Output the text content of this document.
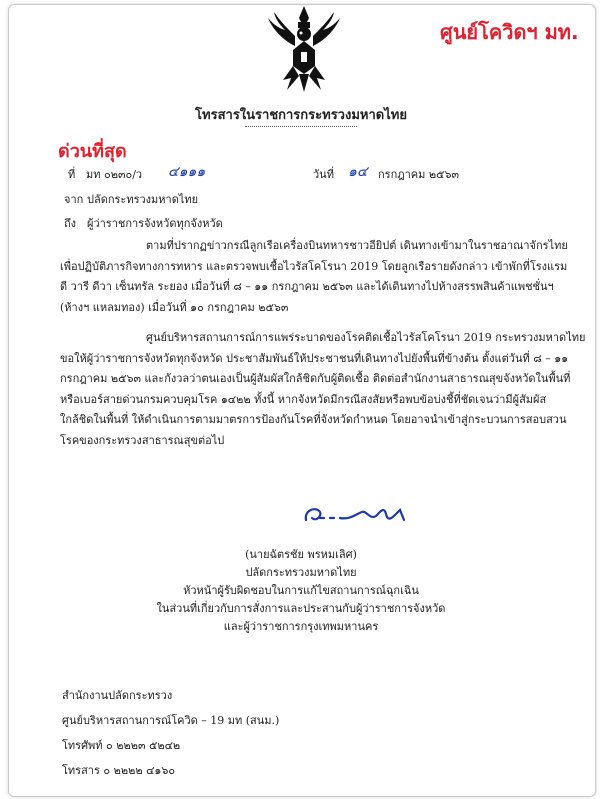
ศูนย์โควิดฯ มท.
โทรสารในราชการกระทรวงมหาดไทย
ด่วนที่สุด
ที่ มท ๐๒๓๐/ว ๔๑๑๑	วันที่ ๑๔ กรกฎาคม ๒๕๖๓
จาก ปลัดกระทรวงมหาดไทย
ถึง ผู้ว่าราชการจังหวัดทุกจังหวัด
ตามที่ปรากฏข่าวกรณีลูกเรือเครื่องบินทหารชาวอียิปต์ เดินทางเข้ามาในราชอาณาจักรไทย
เพื่อปฏิบัติภารกิจทางการทหาร และตรวจพบเชื้อไวรัสโคโรนา 2019 โดยลูกเรือรายดังกล่าว เข้าพักที่โรงแรม
ดี วารี ดีวา เซ็นทรัล ระยอง เมื่อวันที่ ๘ – ๑๑ กรกฎาคม ๒๕๖๓ และได้เดินทางไปห้างสรรพสินค้าแพชชั่นฯ
(ห้างฯ แหลมทอง) เมื่อวันที่ ๑๐ กรกฎาคม ๒๕๖๓
ศูนย์บริหารสถานการณ์การแพร่ระบาดของโรคติดเชื้อไวรัสโคโรนา 2019 กระทรวงมหาดไทย
ขอให้ผู้ว่าราชการจังหวัดทุกจังหวัด ประชาสัมพันธ์ให้ประชาชนที่เดินทางไปยังพื้นที่ข้างต้น ตั้งแต่วันที่ ๘ – ๑๑
กรกฎาคม ๒๕๖๓ และกังวลว่าตนเองเป็นผู้สัมผัสใกล้ชิดกับผู้ติดเชื้อ ติดต่อสำนักงานสาธารณสุขจังหวัดในพื้นที่
หรือเบอร์สายด่วนกรมควบคุมโรค ๑๔๒๒ ทั้งนี้ หากจังหวัดมีกรณีสงสัยหรือพบข้อบ่งชี้ที่ชัดเจนว่ามีผู้สัมผัส
ใกล้ชิดในพื้นที่ ให้ดำเนินการตามมาตรการป้องกันโรคที่จังหวัดกำหนด โดยอาจนำเข้าสู่กระบวนการสอบสวน
โรคของกระทรวงสาธารณสุขต่อไป
(นายฉัตรชัย พรหมเลิศ)
ปลัดกระทรวงมหาดไทย
หัวหน้าผู้รับผิดชอบในการแก้ไขสถานการณ์ฉุกเฉิน
ในส่วนที่เกี่ยวกับการสั่งการและประสานกับผู้ว่าราชการจังหวัด
และผู้ว่าราชการกรุงเทพมหานคร
สำนักงานปลัดกระทรวง
ศูนย์บริหารสถานการณ์โควิด – 19 มท (สนม.)
โทรศัพท์ ๐ ๒๒๒๓ ๕๒๔๒
โทรสาร ๐ ๒๒๒๒ ๔๑๖๐
